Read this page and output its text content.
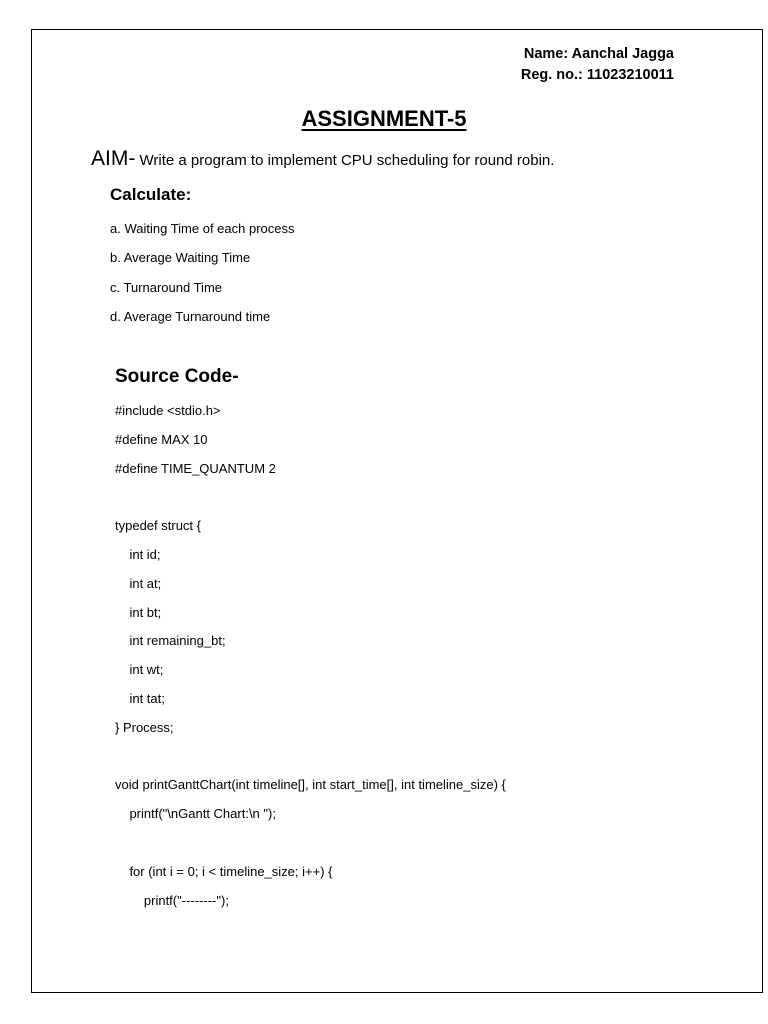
Name: Aanchal Jagga
Reg. no.: 11023210011
ASSIGNMENT-5
AIM- Write a program to implement CPU scheduling for round robin.
Calculate:
a. Waiting Time of each process
b. Average Waiting Time
c. Turnaround Time
d. Average Turnaround time
Source Code-
#include <stdio.h>
#define MAX 10
#define TIME_QUANTUM 2
typedef struct {
int id;
int at;
int bt;
int remaining_bt;
int wt;
int tat;
} Process;
void printGanttChart(int timeline[], int start_time[], int timeline_size) {
printf("\nGantt Chart:\n ");
for (int i = 0; i < timeline_size; i++) {
printf("--------");
